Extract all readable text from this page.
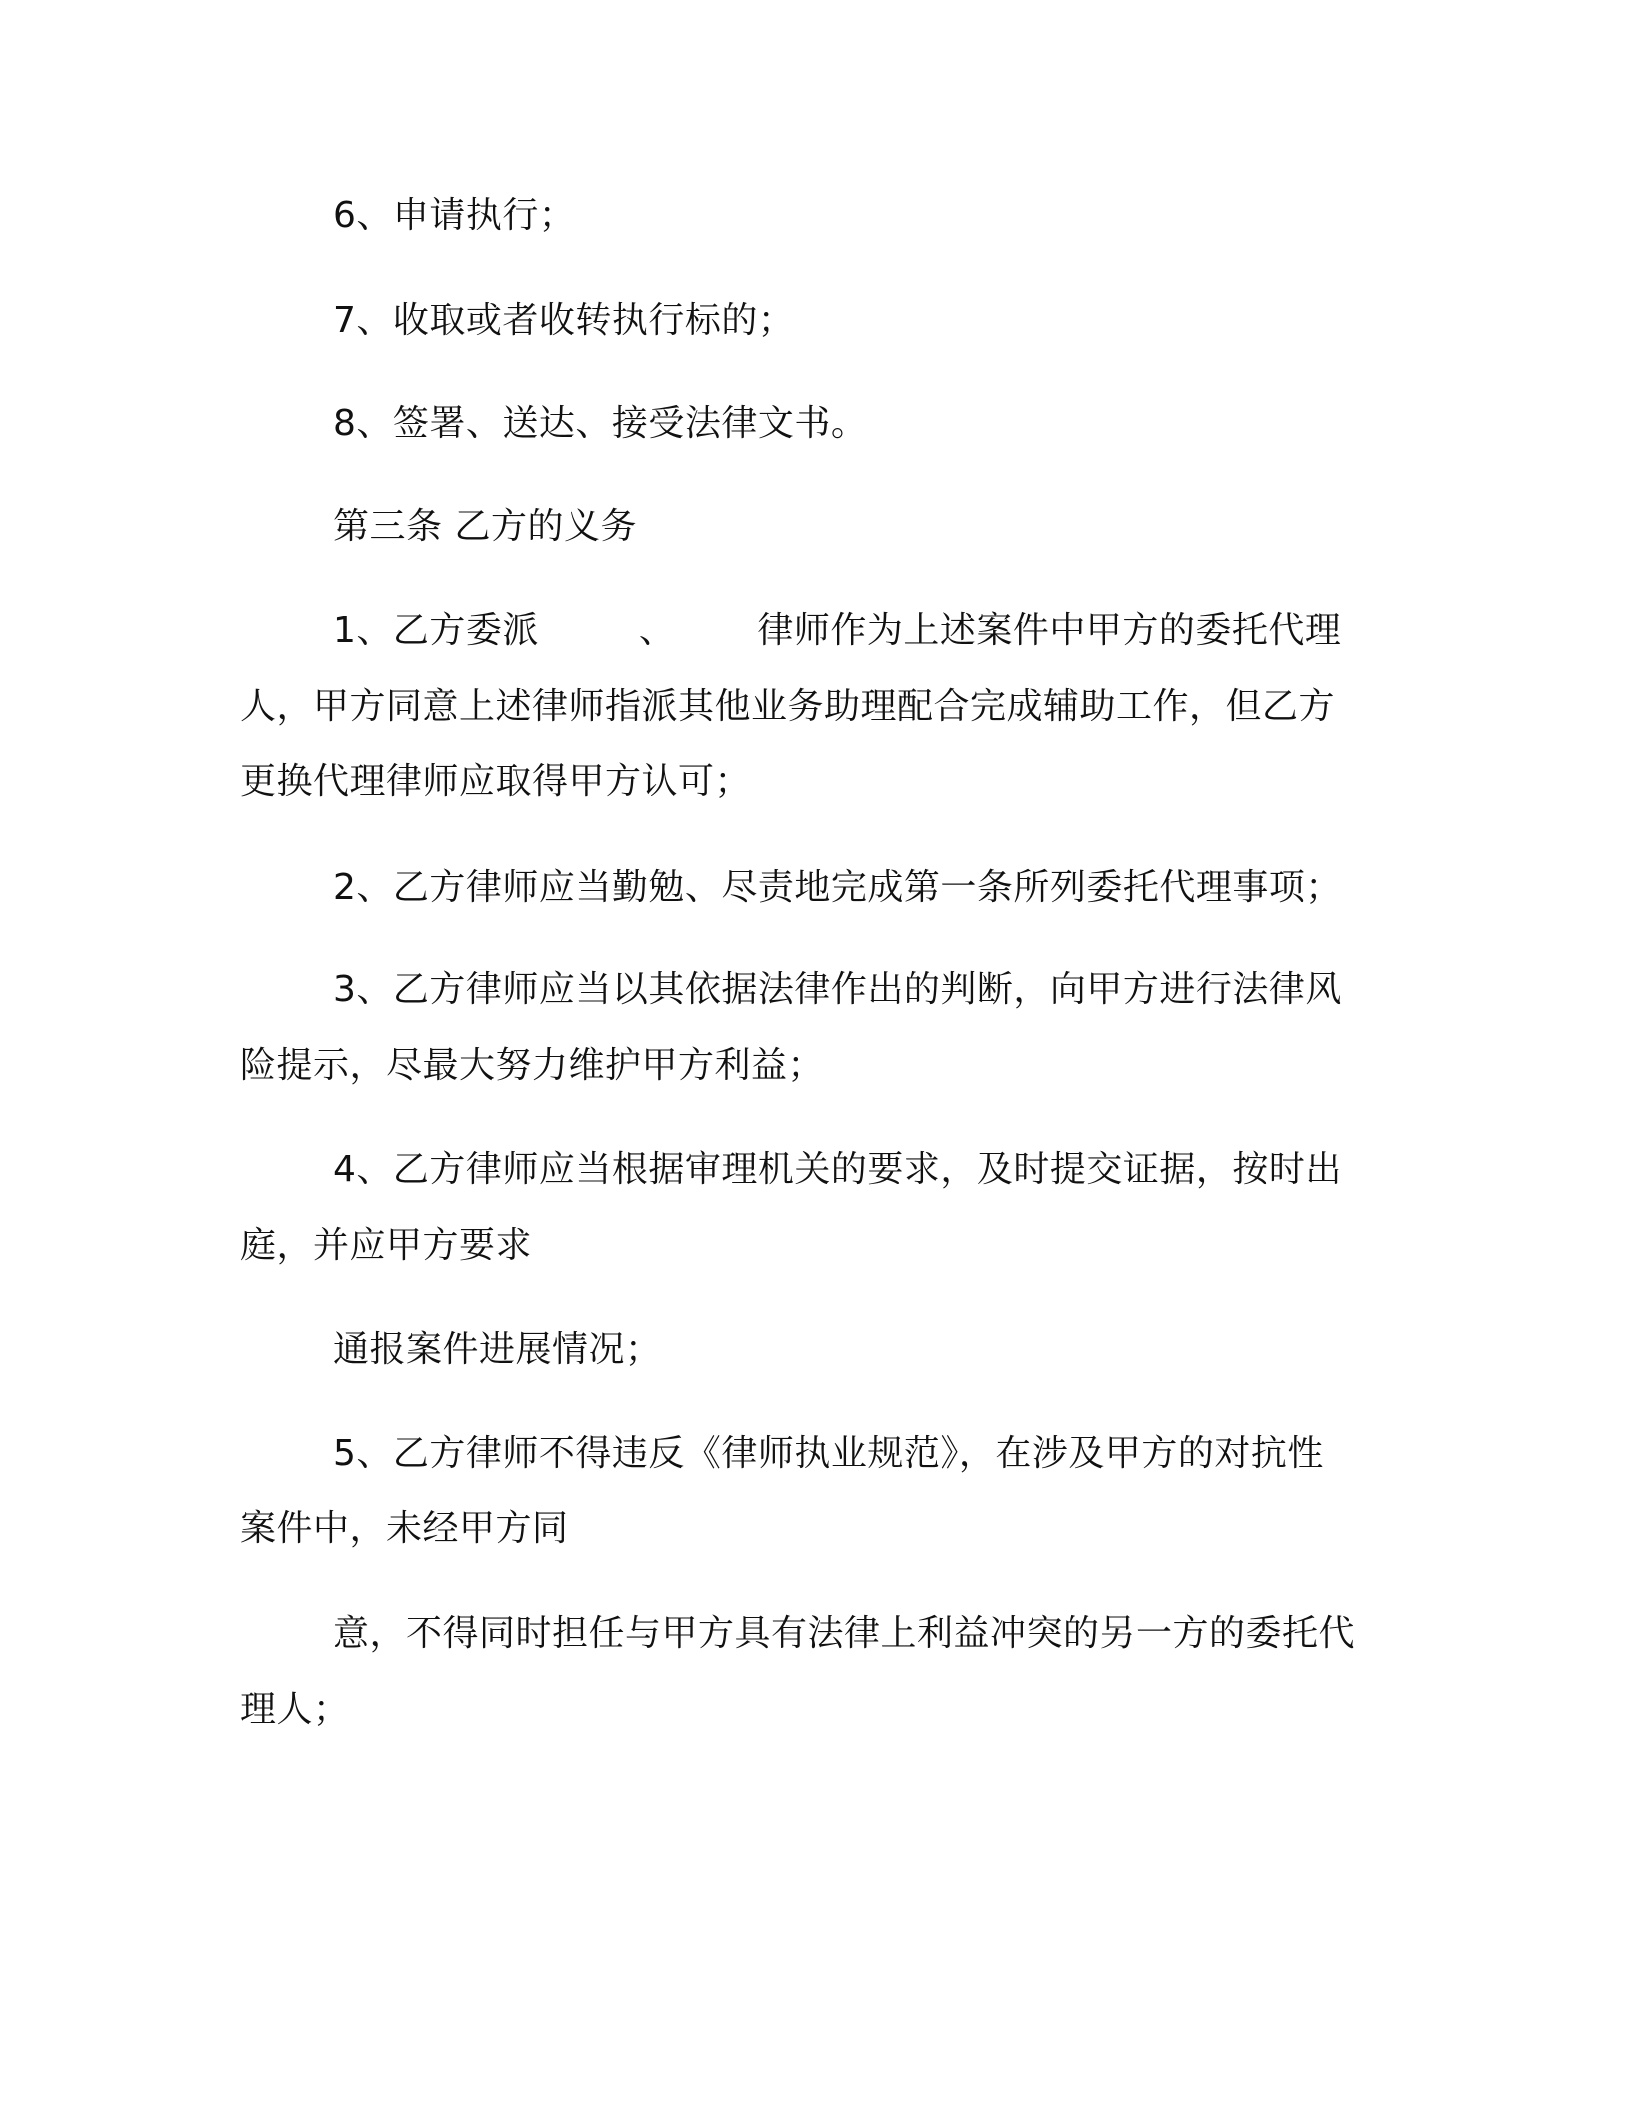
6、申请执行；

7、收取或者收转执行标的；

8、签署、送达、接受法律文书。

第三条 乙方的义务

1、乙方委派	、 律师作为上述案件中甲方的委托代理

人，甲方同意上述律师指派其他业务助理配合完成辅助工作，但乙方

更换代理律师应取得甲方认可；

2、乙方律师应当勤勉、尽责地完成第一条所列委托代理事项；

3、乙方律师应当以其依据法律作出的判断，向甲方进行法律风

险提示，尽最大努力维护甲方利益；

4、乙方律师应当根据审理机关的要求，及时提交证据，按时出

庭，并应甲方要求

通报案件进展情况；

5、乙方律师不得违反《律师执业规范》，在涉及甲方的对抗性

案件中，未经甲方同

意，不得同时担任与甲方具有法律上利益冲突的另一方的委托代

理人；
